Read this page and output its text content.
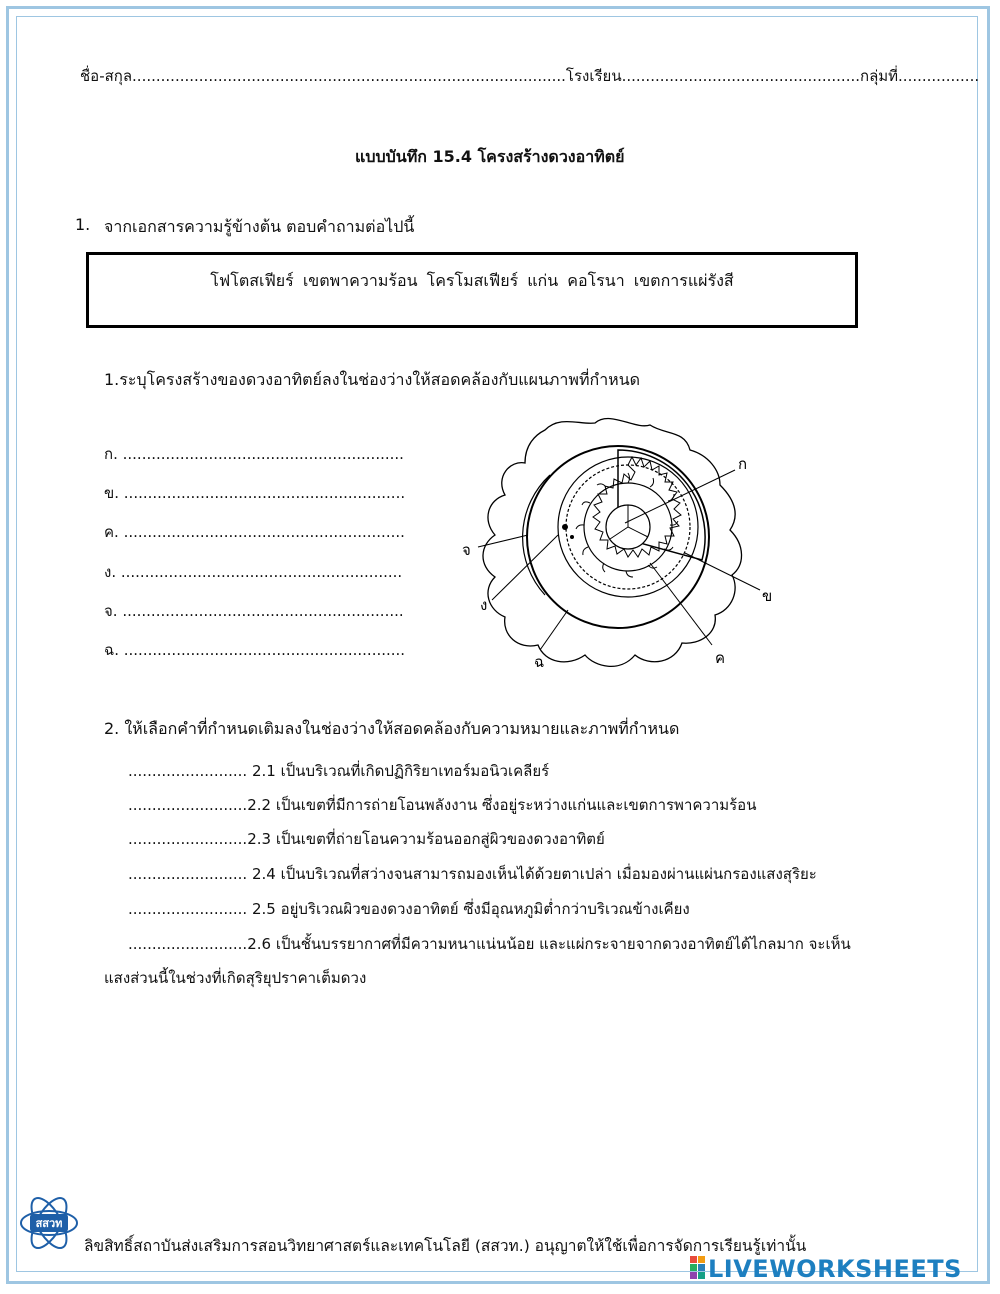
ชื่อ-สกุล...........................................................................................โรงเรียน..................................................กลุ่มที่.................
แบบบันทึก 15.4 โครงสร้างดวงอาทิตย์
1. จากเอกสารความรู้ข้างต้น ตอบคำถามต่อไปนี้
โฟโตสเฟียร์ เขตพาความร้อน โครโมสเฟียร์ แก่น คอโรนา เขตการแผ่รังสี
1.ระบุโครงสร้างของดวงอาทิตย์ลงในช่องว่างให้สอดคล้องกับแผนภาพที่กำหนด
ก. ...........................................................
ข. ...........................................................
ค. ...........................................................
ง. ...........................................................
จ. ...........................................................
ฉ. ...........................................................
ก
ข
ค
ง
จ
ฉ
2. ให้เลือกคำที่กำหนดเติมลงในช่องว่างให้สอดคล้องกับความหมายและภาพที่กำหนด
......................... 2.1 เป็นบริเวณที่เกิดปฏิกิริยาเทอร์มอนิวเคลียร์
.........................2.2 เป็นเขตที่มีการถ่ายโอนพลังงาน ซึ่งอยู่ระหว่างแก่นและเขตการพาความร้อน
.........................2.3 เป็นเขตที่ถ่ายโอนความร้อนออกสู่ผิวของดวงอาทิตย์
......................... 2.4 เป็นบริเวณที่สว่างจนสามารถมองเห็นได้ด้วยตาเปล่า เมื่อมองผ่านแผ่นกรองแสงสุริยะ
......................... 2.5 อยู่บริเวณผิวของดวงอาทิตย์ ซึ่งมีอุณหภูมิต่ำกว่าบริเวณข้างเคียง
.........................2.6 เป็นชั้นบรรยากาศที่มีความหนาแน่นน้อย และแผ่กระจายจากดวงอาทิตย์ได้ไกลมาก จะเห็น
แสงส่วนนี้ในช่วงที่เกิดสุริยุปราคาเต็มดวง
สสวท
ลิขสิทธิ์สถาบันส่งเสริมการสอนวิทยาศาสตร์และเทคโนโลยี (สสวท.) อนุญาตให้ใช้เพื่อการจัดการเรียนรู้เท่านั้น
LIVEWORKSHEETS
